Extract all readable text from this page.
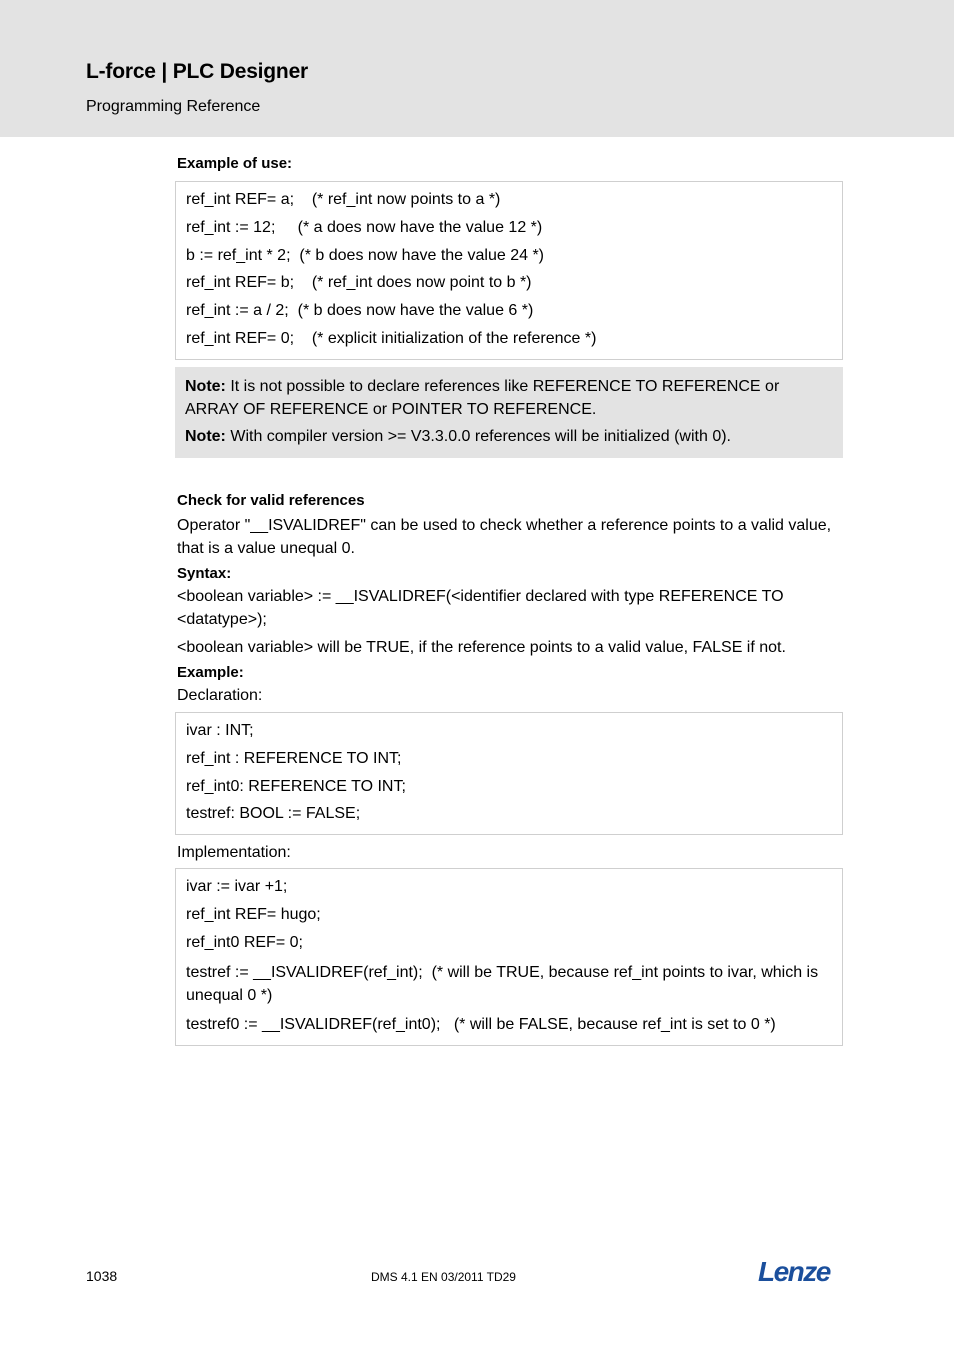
L-force | PLC Designer
Programming Reference
Example of use:
ref_int REF= a;    (* ref_int now points to a *)
ref_int := 12;     (* a does now have the value 12 *)
b := ref_int * 2;  (* b does now have the value 24 *)
ref_int REF= b;    (* ref_int does now point to b *)
ref_int := a / 2;  (* b does now have the value 6 *)
ref_int REF= 0;    (* explicit initialization of the reference *)
Note: It is not possible to declare references like REFERENCE TO REFERENCE or ARRAY OF REFERENCE or POINTER TO REFERENCE.
Note: With compiler version >= V3.3.0.0 references will be initialized (with 0).
Check for valid references
Operator "__ISVALIDREF" can be used to check whether a reference points to a valid value, that is a value unequal 0.
Syntax:
<boolean variable> := __ISVALIDREF(<identifier declared with type REFERENCE TO <datatype>);
<boolean variable> will be TRUE, if the reference points to a valid value, FALSE if not.
Example:
Declaration:
ivar : INT;
ref_int : REFERENCE TO INT;
ref_int0: REFERENCE TO INT;
testref: BOOL := FALSE;
Implementation:
ivar := ivar +1;
ref_int REF= hugo;
ref_int0 REF= 0;
testref := __ISVALIDREF(ref_int);  (* will be TRUE, because ref_int points to ivar, which is unequal 0 *)
testref0 := __ISVALIDREF(ref_int0);   (* will be FALSE, because ref_int is set to 0 *)
1038	DMS 4.1 EN 03/2011 TD29	Lenze
